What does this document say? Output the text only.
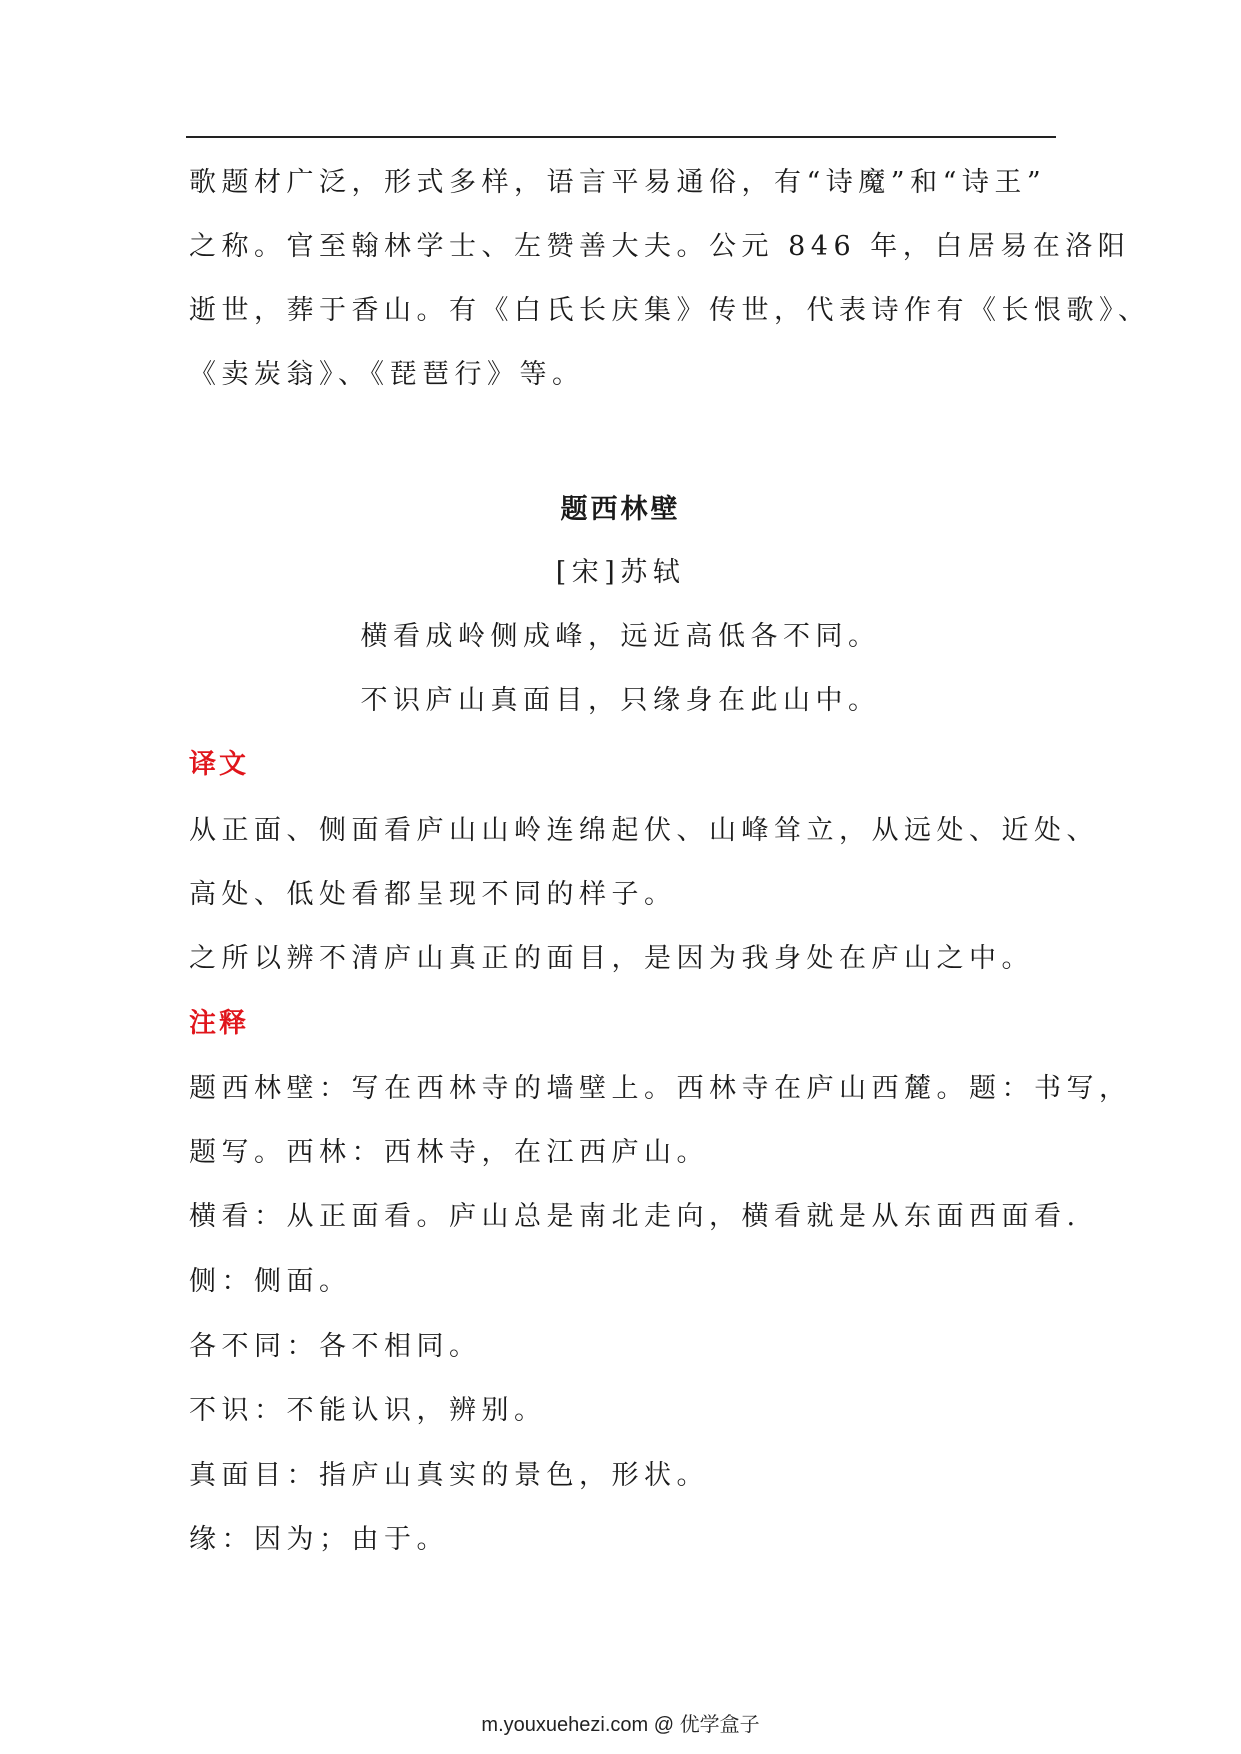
歌题材广泛，形式多样，语言平易通俗，有“诗魔”和“诗王”
之称。官至翰林学士、左赞善大夫。公元 846 年，白居易在洛阳
逝世，葬于香山。有《白氏长庆集》传世，代表诗作有《长恨歌》、
《卖炭翁》、《琵琶行》等。
题西林壁
[宋]苏轼
横看成岭侧成峰，远近高低各不同。
不识庐山真面目，只缘身在此山中。
译文
从正面、侧面看庐山山岭连绵起伏、山峰耸立，从远处、近处、
高处、低处看都呈现不同的样子。
之所以辨不清庐山真正的面目，是因为我身处在庐山之中。
注释
题西林壁：写在西林寺的墙壁上。西林寺在庐山西麓。题：书写，
题写。西林：西林寺，在江西庐山。
横看：从正面看。庐山总是南北走向，横看就是从东面西面看.
侧：侧面。
各不同：各不相同。
不识：不能认识，辨别。
真面目：指庐山真实的景色，形状。
缘：因为；由于。
m.youxuehezi.com @ 优学盒子
